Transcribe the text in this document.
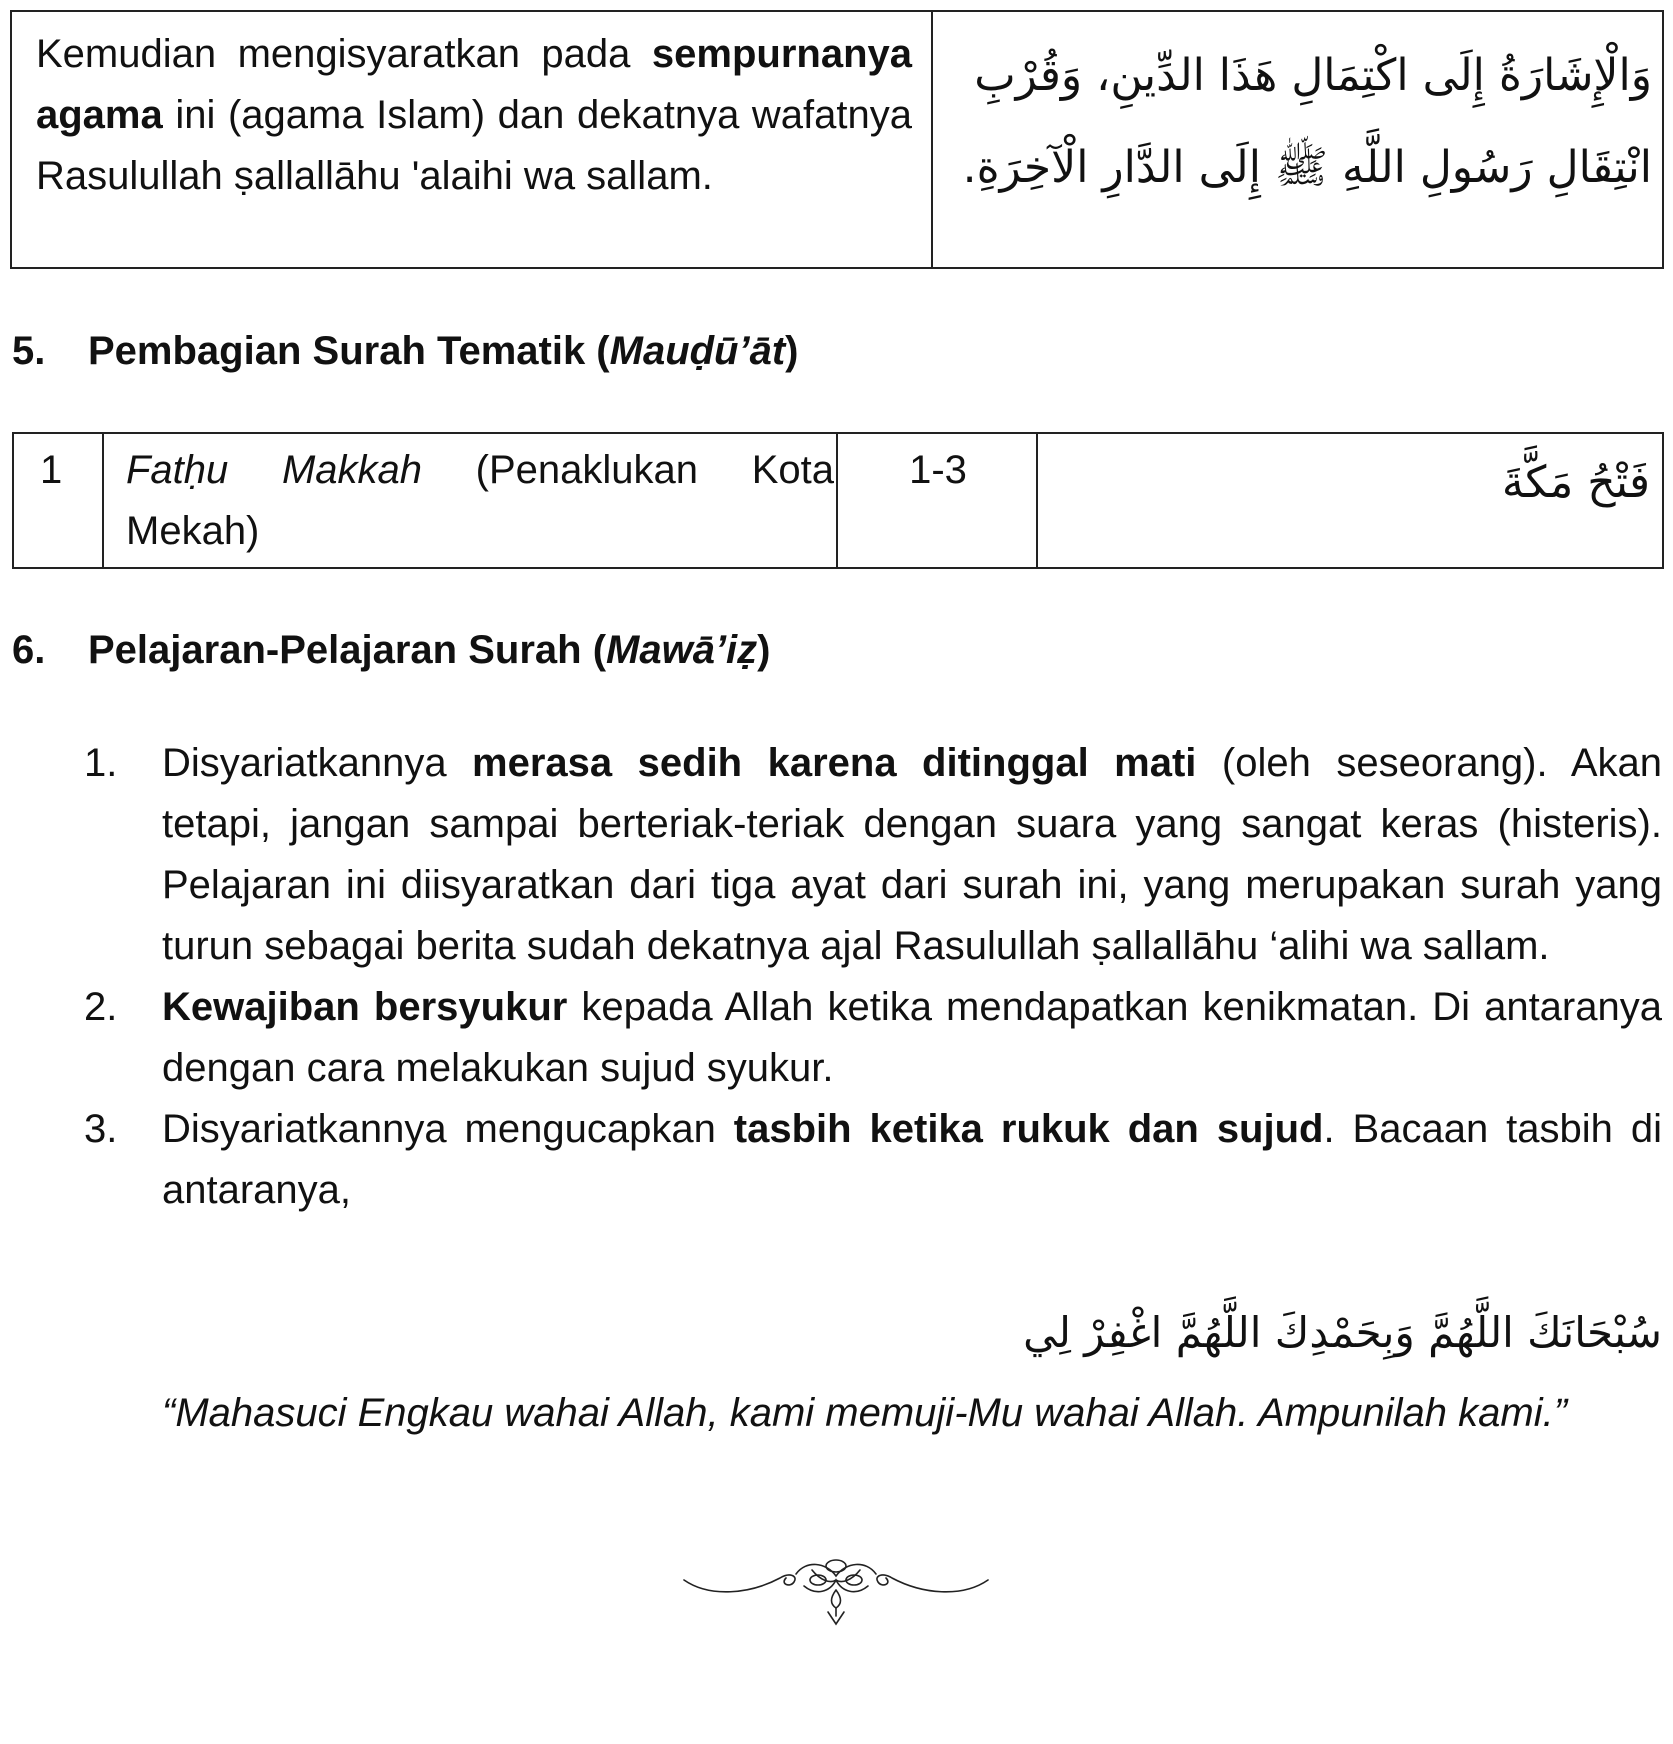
Kemudian mengisyaratkan pada sempurnanya agama ini (agama Islam) dan dekatnya wafatnya Rasulullah ṣallallāhu 'alaihi wa sallam.
وَالْإِشَارَةُ إِلَى اكْتِمَالِ هَذَا الدِّينِ، وَقُرْبِ انْتِقَالِ رَسُولِ اللَّهِ ﷺ إِلَى الدَّارِ الْآخِرَةِ.
5. Pembagian Surah Tematik (Mauḍū’āt)
1 Fatḥu Makkah (Penaklukan Kota Mekah)
1-3	فَتْحُ مَكَّةَ
6. Pelajaran-Pelajaran Surah (Mawā’iẓ)
1. Disyariatkannya merasa sedih karena ditinggal mati (oleh seseorang). Akan tetapi, jangan sampai berteriak-teriak dengan suara yang sangat keras (histeris). Pelajaran ini diisyaratkan dari tiga ayat dari surah ini, yang merupakan surah yang turun sebagai berita sudah dekatnya ajal Rasulullah ṣallallāhu ‘alihi wa sallam.
2. Kewajiban bersyukur kepada Allah ketika mendapatkan kenikmatan. Di antaranya dengan cara melakukan sujud syukur.
3. Disyariatkannya mengucapkan tasbih ketika rukuk dan sujud. Bacaan tasbih di antaranya,
سُبْحَانَكَ اللَّهُمَّ وَبِحَمْدِكَ اللَّهُمَّ اغْفِرْ لِي
“Mahasuci Engkau wahai Allah, kami memuji-Mu wahai Allah. Ampunilah kami.”
